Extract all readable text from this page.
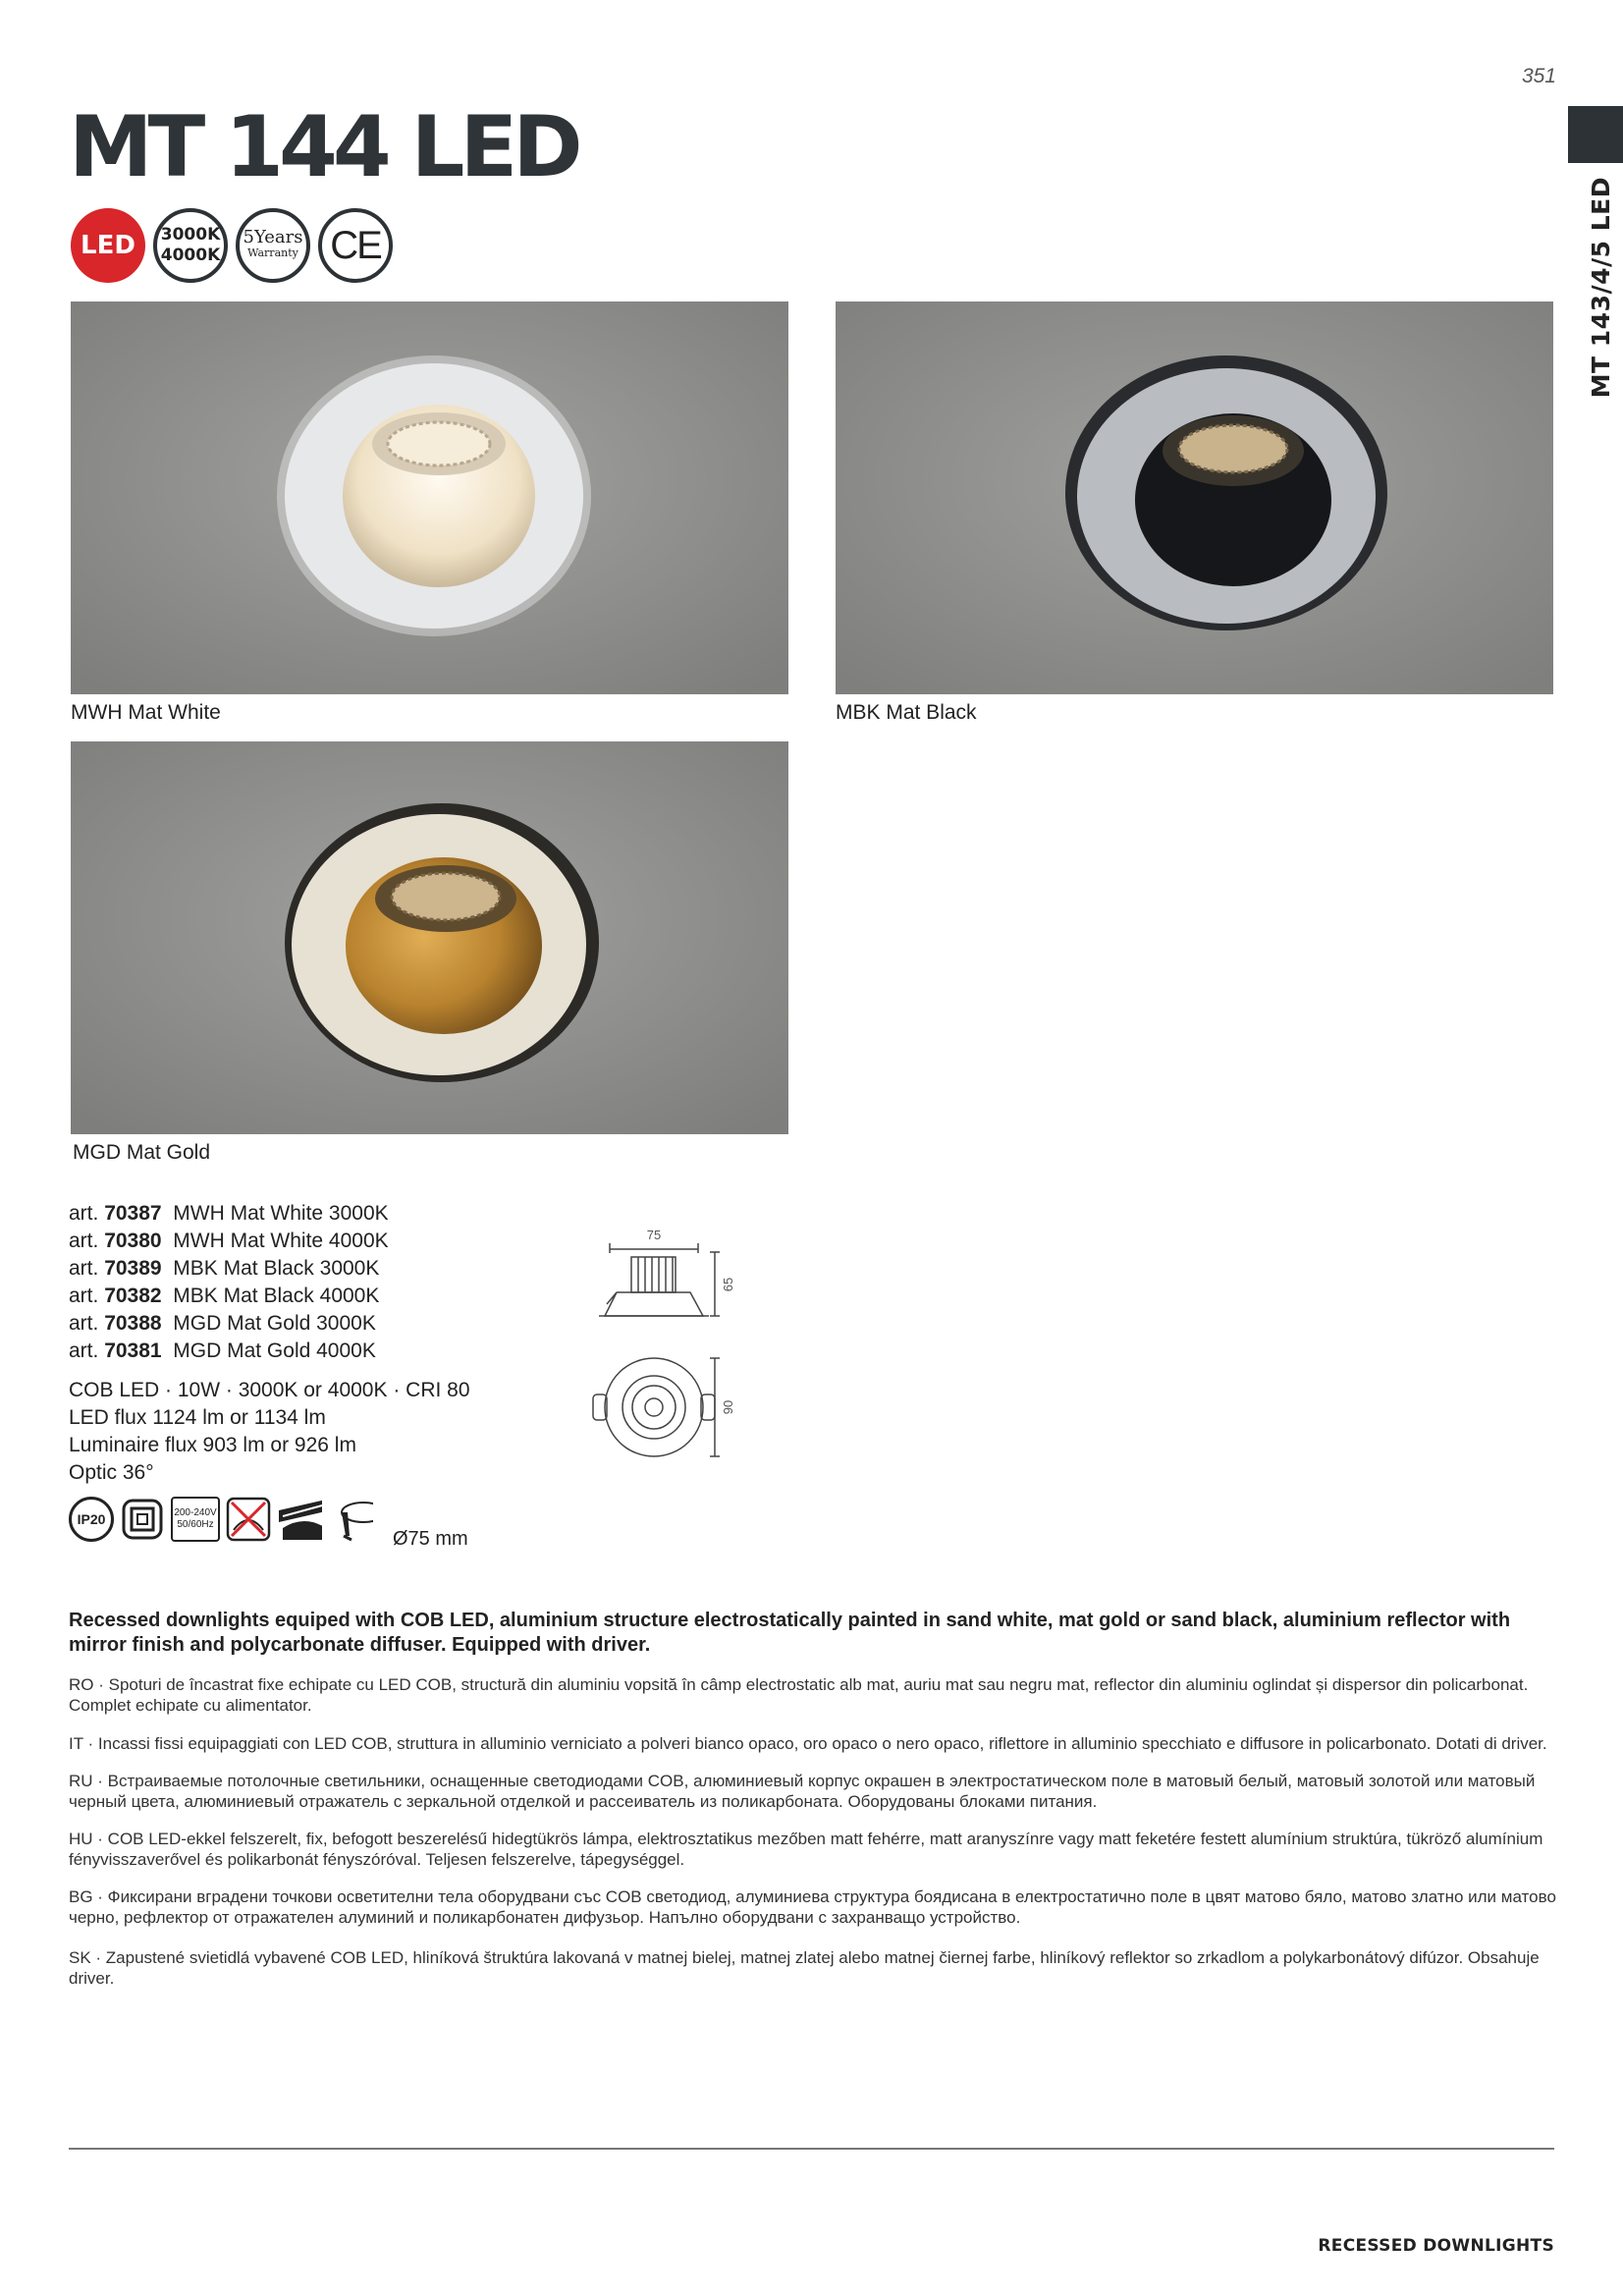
351
MT 143/4/5 LED
MT 144 LED
LED	3000K
4000K
5Years
Warranty CE
MWH Mat White	MBK Mat Black
MGD Mat Gold
art. 70387 MWH Mat White 3000K
art. 70380 MWH Mat White 4000K
art. 70389 MBK Mat Black 3000K
art. 70382 MBK Mat Black 4000K
art. 70388 MGD Mat Gold 3000K
art. 70381 MGD Mat Gold 4000K
75
65
90
COB LED · 10W · 3000K or 4000K · CRI 80
LED flux 1124 lm or 1134 lm
Luminaire flux 903 lm or 926 lm
Optic 36°
IP20	200-240V
50/60Hz
Ø75 mm
Recessed downlights equiped with COB LED, aluminium structure electrostatically painted in sand white, mat gold or sand black, aluminium reflector with mirror finish and polycarbonate diffuser. Equipped with driver.
RO · Spoturi de încastrat fixe echipate cu LED COB, structură din aluminiu vopsită în câmp electrostatic alb mat, auriu mat sau negru mat, reflector din aluminiu oglindat și dispersor din policarbonat. Complet echipate cu alimentator.
IT · Incassi fissi equipaggiati con LED COB, struttura in alluminio verniciato a polveri bianco opaco, oro opaco o nero opaco, riflettore in alluminio specchiato e diffusore in policarbonato. Dotati di driver.
RU · Встраиваемые потолочные светильники, оснащенные светодиодами COB, алюминиевый корпус окрашен в электростатическом поле в матовый белый, матовый золотой или матовый черный цвета, алюминиевый отражатель с зеркальной отделкой и рассеиватель из поликарбоната. Оборудованы блоками питания.
HU · COB LED-ekkel felszerelt, fix, befogott beszerelésű hidegtükrös lámpa, elektrosztatikus mezőben matt fehérre, matt aranyszínre vagy matt feketére festett alumínium struktúra, tükröző alumínium fényvisszaverővel és polikarbonát fényszóróval. Teljesen felszerelve, tápegységgel.
BG · Фиксирани вградени точкови осветителни тела оборудвани със COB светодиод, алуминиева структура боядисана в електростатично поле в цвят матово бяло, матово златно или матово черно, рефлектор от отражателен алуминий и поликарбонатен дифузьор. Напълно оборудвани с захранващо устройство.
SK · Zapustené svietidlá vybavené COB LED, hliníková štruktúra lakovaná v matnej bielej, matnej zlatej alebo matnej čiernej farbe, hliníkový reflektor so zrkadlom a polykarbonátový difúzor. Obsahuje driver.
RECESSED DOWNLIGHTS
